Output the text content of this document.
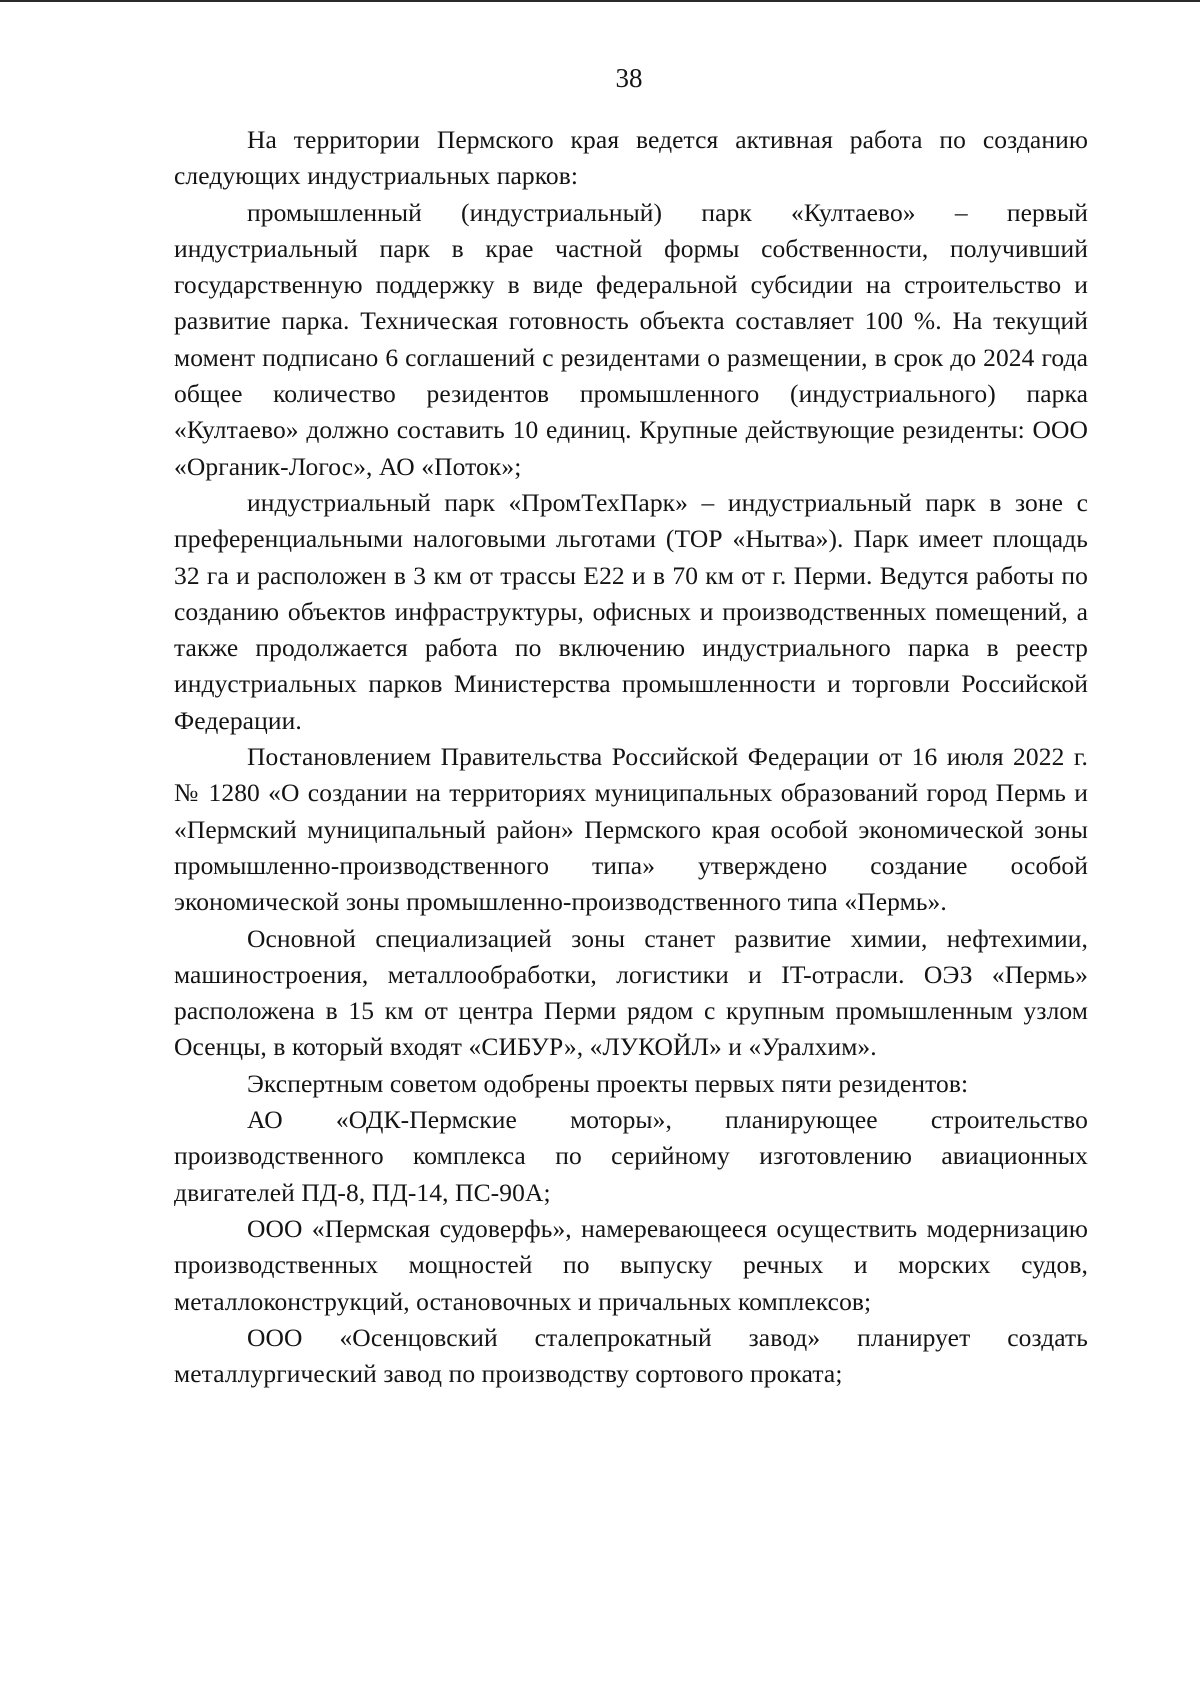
38

На территории Пермского края ведется активная работа по созданию следующих индустриальных парков:

промышленный (индустриальный) парк «Култаево» – первый индустриальный парк в крае частной формы собственности, получивший государственную поддержку в виде федеральной субсидии на строительство и развитие парка. Техническая готовность объекта составляет 100 %. На текущий момент подписано 6 соглашений с резидентами о размещении, в срок до 2024 года общее количество резидентов промышленного (индустриального) парка «Култаево» должно составить 10 единиц. Крупные действующие резиденты: ООО «Органик-Логос», АО «Поток»;

индустриальный парк «ПромТехПарк» – индустриальный парк в зоне с преференциальными налоговыми льготами (ТОР «Нытва»). Парк имеет площадь 32 га и расположен в 3 км от трассы Е22 и в 70 км от г. Перми. Ведутся работы по созданию объектов инфраструктуры, офисных и производственных помещений, а также продолжается работа по включению индустриального парка в реестр индустриальных парков Министерства промышленности и торговли Российской Федерации.

Постановлением Правительства Российской Федерации от 16 июля 2022 г. № 1280 «О создании на территориях муниципальных образований город Пермь и «Пермский муниципальный район» Пермского края особой экономической зоны промышленно-производственного типа» утверждено создание особой экономической зоны промышленно-производственного типа «Пермь».

Основной специализацией зоны станет развитие химии, нефтехимии, машиностроения, металлообработки, логистики и IT-отрасли. ОЭЗ «Пермь» расположена в 15 км от центра Перми рядом с крупным промышленным узлом Осенцы, в который входят «СИБУР», «ЛУКОЙЛ» и «Уралхим».

Экспертным советом одобрены проекты первых пяти резидентов:

АО «ОДК-Пермские моторы», планирующее строительство производственного комплекса по серийному изготовлению авиационных двигателей ПД-8, ПД-14, ПС-90А;

ООО «Пермская судоверфь», намеревающееся осуществить модернизацию производственных мощностей по выпуску речных и морских судов, металлоконструкций, остановочных и причальных комплексов;

ООО «Осенцовский сталепрокатный завод» планирует создать металлургический завод по производству сортового проката;
